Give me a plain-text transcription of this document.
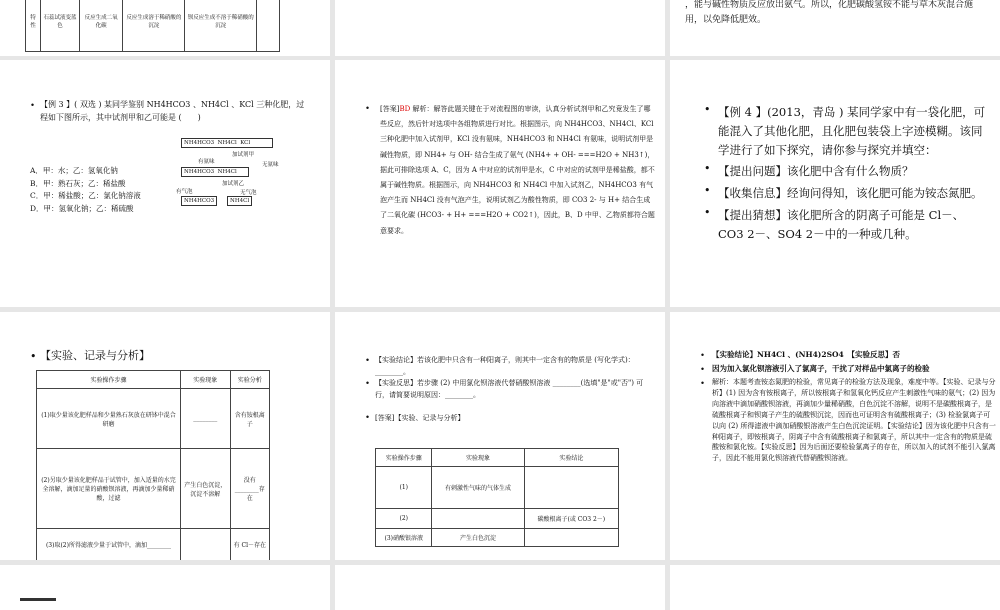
特性	石蕊试液变蓝色	反应生成二氧化碳	反应生成溶于稀硝酸的沉淀	钡反应生成不溶于稀硝酸的沉淀	
，能与碱性物质反应放出氨气。所以，化肥碳酸氢铵不能与草木灰混合施用，以免降低肥效。
• 【例 3 】( 双选 ) 某同学鉴别 NH4HCO3 、NH4Cl 、KCl 三种化肥，过程如下图所示，其中试剂甲和乙可能是 (　　)
A．甲：水；乙：氢氧化钠
B．甲：熟石灰；乙：稀盐酸
C．甲：稀盐酸；乙：氯化钠溶液
D．甲：氢氧化钠；乙：稀硫酸
NH4HCO3 NH4Cl KCl
加试剂甲
有氨味	无氨味
NH4HCO3 NH4Cl
加试剂乙
有气泡	无气泡
NH4HCO3	NH4Cl
• [答案]BD 解析：解答此题关键在于对流程图的审读，认真分析试剂甲和乙究竟发生了哪些反应，然后针对选项中各组物质进行对比。根据图示，向 NH4HCO3、NH4Cl、KCl 三种化肥中加入试剂甲，KCl 没有氨味，NH4HCO3 和 NH4Cl 有氨味，说明试剂甲是碱性物质，即 NH4+ 与 OH- 结合生成了氨气 (NH4+ + OH- ===H2O + NH3↑)，据此可排除选项 A、C，因为 A 中对应的试剂甲是水，C 中对应的试剂甲是稀盐酸，都不属于碱性物质。根据图示，向 NH4HCO3 和 NH4Cl 中加入试剂乙，NH4HCO3 有气泡产生而 NH4Cl 没有气泡产生，说明试剂乙为酸性物质，即 CO3 2- 与 H+ 结合生成了二氧化碳 (HCO3- + H+ ===H2O + CO2↑)，因此，B、D 中甲、乙物质都符合题意要求。
【例 4 】(2013，青岛 ) 某同学家中有一袋化肥，可能混入了其他化肥，且化肥包装袋上字迹模糊。该同学进行了如下探究，请你参与探究并填空：
•
【提出问题】该化肥中含有什么物质？
•
【收集信息】经询问得知，该化肥可能为铵态氮肥。
•
【提出猜想】该化肥所含的阴离子可能是 Cl－、CO3 2－、SO4 2－中的一种或几种。
•
• 【实验、记录与分析】
实验操作步骤	实验现象	实验分析
(1)取少量该化肥样品和少量熟石灰放在研钵中混合研磨	________	含有铵根离子
(2)另取少量该化肥样品于试管中，加入适量的水完全溶解，滴加足量的硝酸钡溶液，再滴加少量稀硝酸，过滤	产生白色沉淀，沉淀不溶解	没有________存在
(3)取(2)所得滤液少量于试管中，滴加________		有 Cl－存在
• 【实验结论】若该化肥中只含有一种阳离子，则其中一定含有的物质是 (写化学式)：________。
• 【实验反思】若步骤 (2) 中用氯化钡溶液代替硝酸钡溶液 ________(选填"是"或"否") 可行，请简要说明原因：________。
• [答案]【实验、记录与分析】
实验操作步骤	实验现象	实验结论
(1)	有刺激性气味的气体生成	
(2)		碳酸根离子(或 CO3 2－)
(3)硝酸银溶液	产生白色沉淀	
• 【实验结论】NH4Cl 、(NH4)2SO4　【实验反思】否
• 因为加入氯化钡溶液引入了氯离子，干扰了对样品中氯离子的检验
• 解析：本题考查铵态氮肥的检验，常见离子的检验方法及现象，难度中等。【实验、记录与分析】(1) 因为含有铵根离子，所以铵根离子和氢氧化钙反应产生刺激性气味的氨气；(2) 因为向溶液中滴加硝酸钡溶液，再滴加少量稀硝酸，白色沉淀不溶解，说明不是碳酸根离子，是硫酸根离子和钡离子产生的硫酸钡沉淀，因而也可证明含有硫酸根离子；(3) 检验氯离子可以向 (2) 所得滤液中滴加硝酸银溶液产生白色沉淀证明。【实验结论】因为该化肥中只含有一种阳离子，即铵根离子，阴离子中含有硫酸根离子和氯离子，所以其中一定含有的物质是硫酸铵和氯化铵。【实验反思】因为后面还要检验氯离子的存在，所以加入的试剂不能引入氯离子，因此不能用氯化钡溶液代替硝酸钡溶液。
